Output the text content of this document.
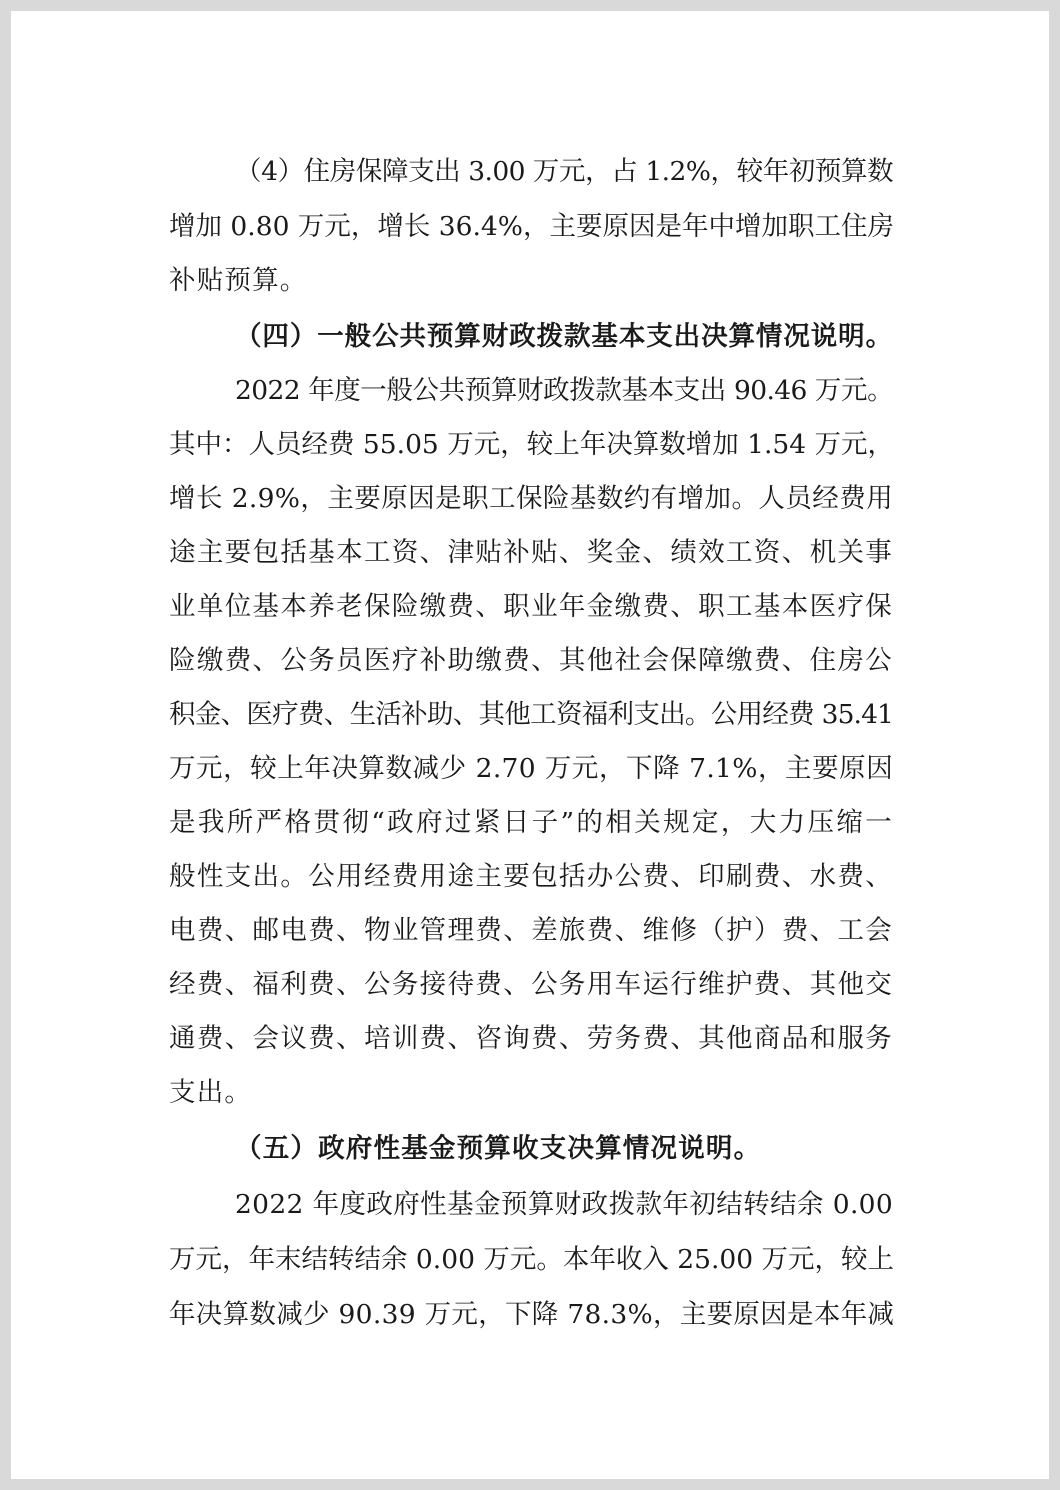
（4）住房保障支出 3.00 万元，占 1.2%，较年初预算数
增加 0.80 万元，增长 36.4%，主要原因是年中增加职工住房
补贴预算。
（四）一般公共预算财政拨款基本支出决算情况说明。
2022 年度一般公共预算财政拨款基本支出 90.46 万元。
其中：人员经费 55.05 万元，较上年决算数增加 1.54 万元，
增长 2.9%，主要原因是职工保险基数约有增加。人员经费用
途主要包括基本工资、津贴补贴、奖金、绩效工资、机关事
业单位基本养老保险缴费、职业年金缴费、职工基本医疗保
险缴费、公务员医疗补助缴费、其他社会保障缴费、住房公
积金、医疗费、生活补助、其他工资福利支出。公用经费 35.41
万元，较上年决算数减少 2.70 万元，下降 7.1%，主要原因
是我所严格贯彻“政府过紧日子”的相关规定，大力压缩一
般性支出。公用经费用途主要包括办公费、印刷费、水费、
电费、邮电费、物业管理费、差旅费、维修（护）费、工会
经费、福利费、公务接待费、公务用车运行维护费、其他交
通费、会议费、培训费、咨询费、劳务费、其他商品和服务
支出。
（五）政府性基金预算收支决算情况说明。
2022 年度政府性基金预算财政拨款年初结转结余 0.00
万元，年末结转结余 0.00 万元。本年收入 25.00 万元，较上
年决算数减少 90.39 万元，下降 78.3%，主要原因是本年减
